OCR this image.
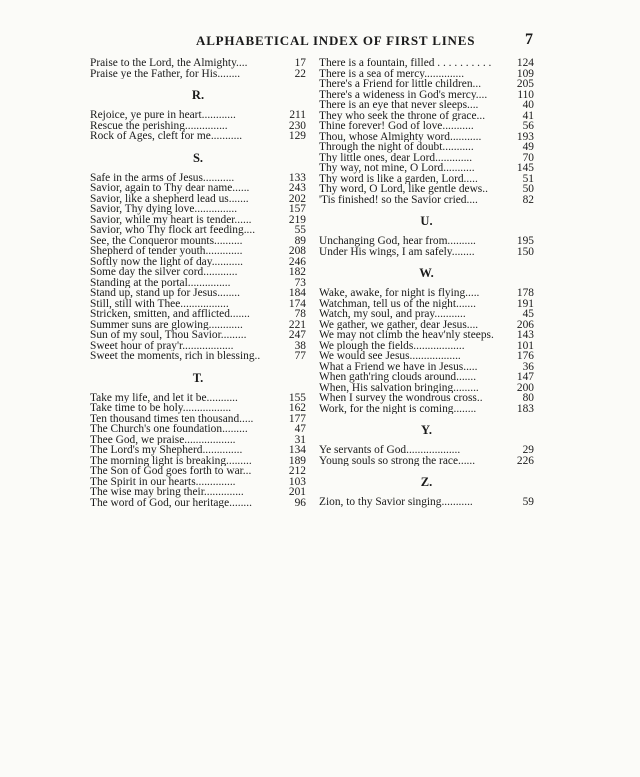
ALPHABETICAL INDEX OF FIRST LINES	7
Praise to the Lord, the Almighty....	17
Praise ye the Father, for His........	22
R.
Rejoice, ye pure in heart............	211
Rescue the perishing...............	230
Rock of Ages, cleft for me...........	129
S.
Safe in the arms of Jesus...........	133
Savior, again to Thy dear name......	243
Savior, like a shepherd lead us.......	202
Savior, Thy dying love...............	157
Savior, while my heart is tender......	219
Savior, who Thy flock art feeding....	55
See, the Conqueror mounts..........	89
Shepherd of tender youth.............	208
Softly now the light of day...........	246
Some day the silver cord............	182
Standing at the portal...............	73
Stand up, stand up for Jesus........	184
Still, still with Thee.................	174
Stricken, smitten, and afflicted.......	78
Summer suns are glowing............	221
Sun of my soul, Thou Savior.........	247
Sweet hour of pray'r..................	38
Sweet the moments, rich in blessing..	77
T.
Take my life, and let it be...........	155
Take time to be holy.................	162
Ten thousand times ten thousand.....	177
The Church's one foundation.........	47
Thee God, we praise..................	31
The Lord's my Shepherd..............	134
The morning light is breaking.........	189
The Son of God goes forth to war...	212
The Spirit in our hearts..............	103
The wise may bring their..............	201
The word of God, our heritage........	96
There is a fountain, filled . . . . . . . . . .	124
There is a sea of mercy..............	109
There's a Friend for little children...	205
There's a wideness in God's mercy....	110
There is an eye that never sleeps....	40
They who seek the throne of grace...	41
Thine forever! God of love...........	56
Thou, whose Almighty word...........	193
Through the night of doubt...........	49
Thy little ones, dear Lord.............	70
Thy way, not mine, O Lord...........	145
Thy word is like a garden, Lord.....	51
Thy word, O Lord, like gentle dews..	50
'Tis finished! so the Savior cried....	82
U.
Unchanging God, hear from..........	195
Under His wings, I am safely........	150
W.
Wake, awake, for night is flying.....	178
Watchman, tell us of the night.......	191
Watch, my soul, and pray...........	45
We gather, we gather, dear Jesus....	206
We may not climb the heav'nly steeps.	143
We plough the fields..................	101
We would see Jesus..................	176
What a Friend we have in Jesus.....	36
When gath'ring clouds around.......	147
When, His salvation bringing.........	200
When I survey the wondrous cross..	80
Work, for the night is coming........	183
Y.
Ye servants of God...................	29
Young souls so strong the race......	226
Z.
Zion, to thy Savior singing...........	59
